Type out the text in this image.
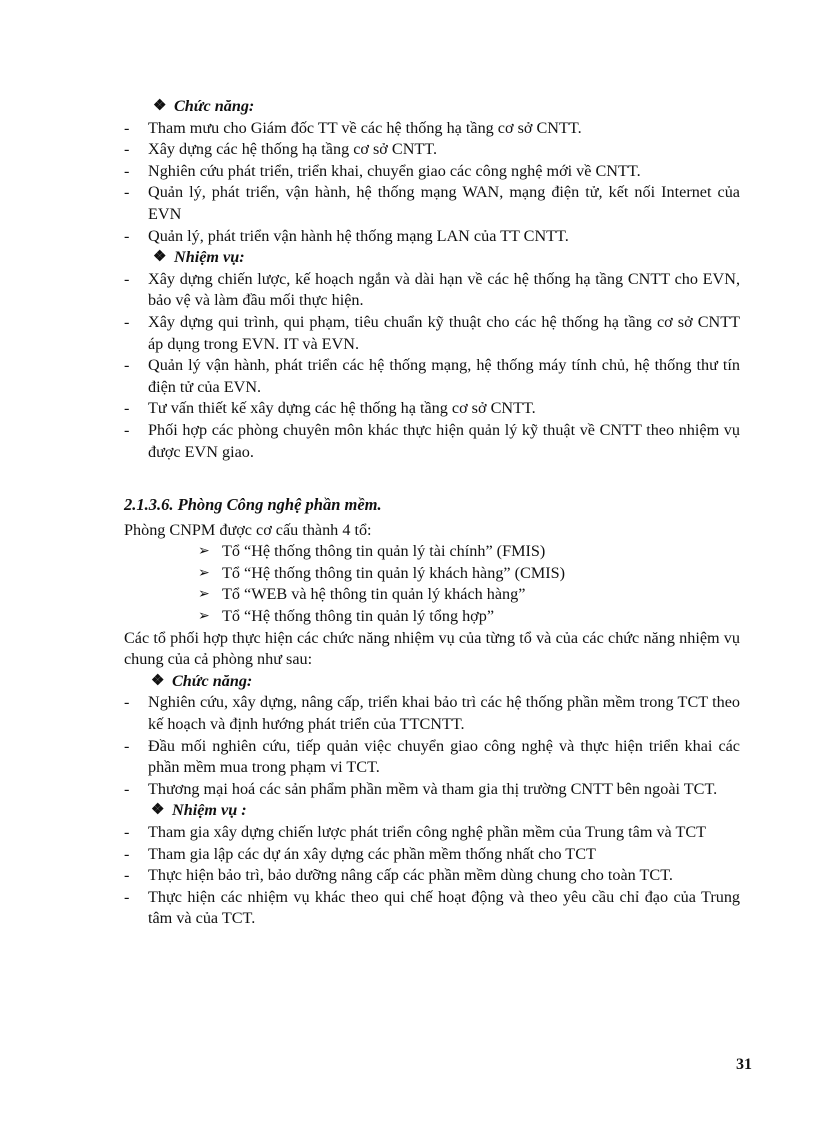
❖ Chức năng:
-	Tham mưu cho Giám đốc TT về các hệ thống hạ tầng cơ sở CNTT.
-	Xây dựng các hệ thống hạ tầng cơ sở CNTT.
-	Nghiên cứu phát triển, triển khai, chuyển giao các công nghệ mới về CNTT.
-	Quản lý, phát triển, vận hành, hệ thống mạng WAN, mạng điện tử, kết nối Internet của EVN
-	Quản lý, phát triển vận hành hệ thống mạng LAN của TT CNTT.
❖ Nhiệm vụ:
-	Xây dựng chiến lược, kế hoạch ngắn và dài hạn về các hệ thống hạ tầng CNTT cho EVN, bảo vệ và làm đầu mối thực hiện.
-	Xây dựng qui trình, qui phạm, tiêu chuẩn kỹ thuật cho các hệ thống hạ tầng cơ sở CNTT áp dụng trong EVN. IT và EVN.
-	Quản lý vận hành, phát triển các hệ thống mạng, hệ thống máy tính chủ, hệ thống thư tín điện tử của EVN.
-	Tư vấn thiết kế xây dựng các hệ thống hạ tầng cơ sở CNTT.
-	Phối hợp các phòng chuyên môn khác thực hiện quản lý kỹ thuật về CNTT theo nhiệm vụ được EVN giao.
2.1.3.6. Phòng Công nghệ phần mềm.
Phòng CNPM được cơ cấu thành 4 tổ:
➢ Tổ “Hệ thống thông tin quản lý tài chính” (FMIS)
➢ Tổ “Hệ thống thông tin quản lý khách hàng” (CMIS)
➢ Tổ “WEB và hệ thông tin quản lý khách hàng”
➢ Tổ “Hệ thống thông tin quản lý tổng hợp”
Các tổ phối hợp thực hiện các chức năng nhiệm vụ của từng tổ và của các chức năng nhiệm vụ chung của cả phòng như sau:
❖ Chức năng:
-	Nghiên cứu, xây dựng, nâng cấp, triển khai bảo trì các hệ thống phần mềm trong TCT theo kế hoạch và định hướng phát triển của TTCNTT.
-	Đầu mối nghiên cứu, tiếp quản việc chuyển giao công nghệ và thực hiện triển khai các phần mềm mua trong phạm vi TCT.
-	Thương mại hoá các sản phẩm phần mềm và tham gia thị trường CNTT bên ngoài TCT.
❖ Nhiệm vụ :
-	Tham gia xây dựng chiến lược phát triển công nghệ phần mềm của Trung tâm và TCT
-	Tham gia lập các dự án xây dựng các phần mềm thống nhất cho TCT
-	Thực hiện bảo trì, bảo dưỡng nâng cấp các phần mềm dùng chung cho toàn TCT.
-	Thực hiện các nhiệm vụ khác theo qui chế hoạt động và theo yêu cầu chỉ đạo của Trung tâm và của TCT.
31
